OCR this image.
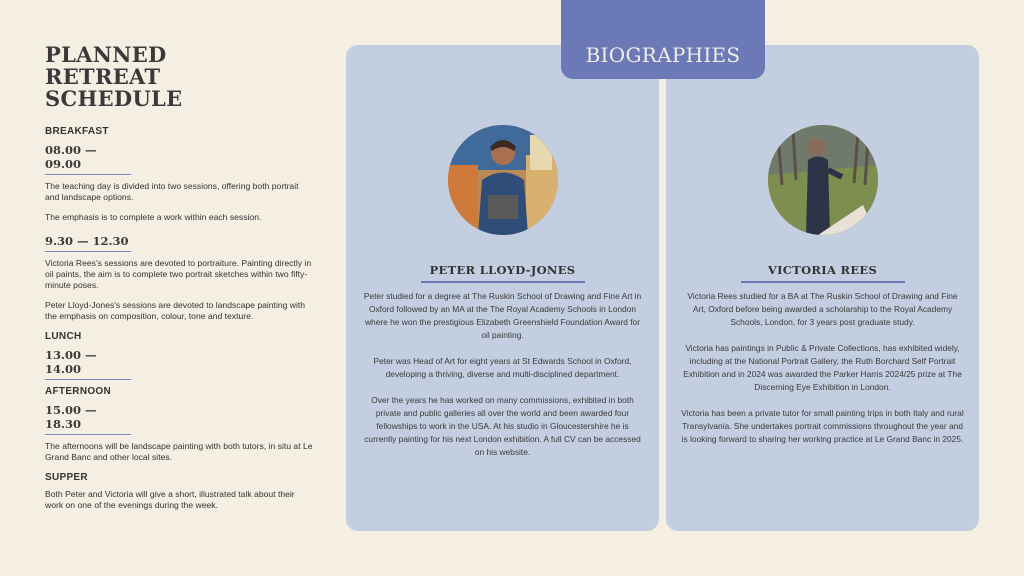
PLANNED
RETREAT
SCHEDULE
BREAKFAST
08.00 — 09.00

The teaching day is divided into two sessions, offering both portrait and landscape options.

The emphasis is to complete a work within each session.

9.30 — 12.30

Victoria Rees's sessions are devoted to portraiture. Painting directly in oil paints, the aim is to complete two portrait sketches within two fifty-minute poses.

Peter Lloyd-Jones's sessions are devoted to landscape painting with the emphasis on composition, colour, tone and texture.

LUNCH
13.00 — 14.00
AFTERNOON
15.00 — 18.30

The afternoons will be landscape painting with both tutors, in situ at Le Grand Banc and other local sites.

SUPPER

Both Peter and Victoria will give a short, illustrated talk about their work on one of the evenings during the week.

PETER LLOYD-JONES

Peter studied for a degree at The Ruskin School of Drawing and Fine Art in Oxford followed by an MA at the The Royal Academy Schools in London where he won the prestigious Elizabeth Greenshield Foundation Award for oil painting.

Peter was Head of Art for eight years at St Edwards School in Oxford, developing a thriving, diverse and multi-disciplined department.

Over the years he has worked on many commissions, exhibited in both private and public galleries all over the world and been awarded four fellowships to work in the USA. At his studio in Gloucestershire he is currently painting for his next London exhibition. A full CV can be accessed on his website.

VICTORIA REES

Victoria Rees studied for a BA at The Ruskin School of Drawing and Fine Art, Oxford before being awarded a scholarship to the Royal Academy Schools, London, for 3 years post graduate study.

Victoria has paintings in Public & Private Collections, has exhibited widely, including at the National Portrait Gallery, the Ruth Borchard Self Portrait Exhibition and in 2024 was awarded the Parker Harris 2024/25 prize at The Discerning Eye Exhibition in London.

Victoria has been a private tutor for small painting trips in both Italy and rural Transylvania. She undertakes portrait commissions throughout the year and is looking forward to sharing her working practice at Le Grand Banc in 2025.

BIOGRAPHIES
